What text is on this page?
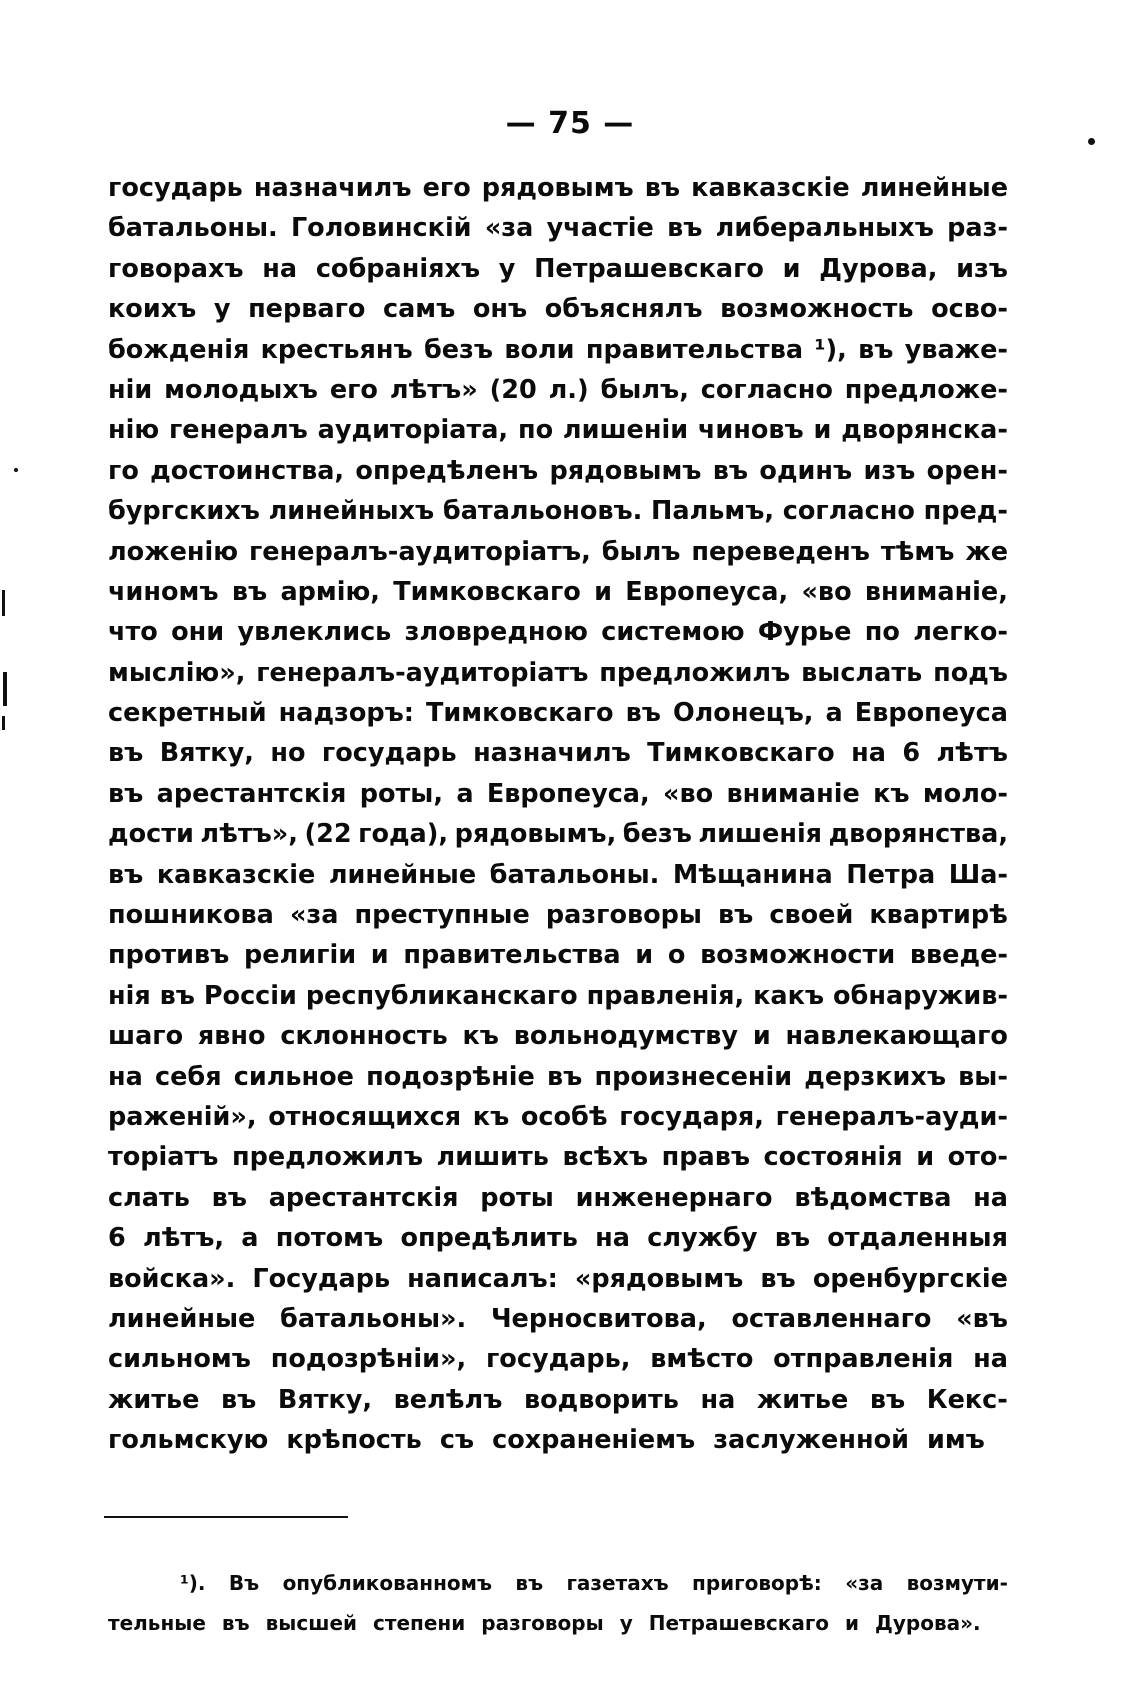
— 75 —
государь назначилъ его рядовымъ въ кавказскіе линейные
батальоны. Головинскій «за участіе въ либеральныхъ раз-
говорахъ на собраніяхъ у Петрашевскаго и Дурова, изъ
коихъ у перваго самъ онъ объяснялъ возможность осво-
божденія крестьянъ безъ воли правительства ¹), въ уваже-
ніи молодыхъ его лѣтъ» (20 л.) былъ, согласно предложе-
нію генералъ аудиторіата, по лишеніи чиновъ и дворянска-
го достоинства, опредѣленъ рядовымъ въ одинъ изъ орен-
бургскихъ линейныхъ батальоновъ. Пальмъ, согласно пред-
ложенію генералъ-аудиторіатъ, былъ переведенъ тѣмъ же
чиномъ въ армію, Тимковскаго и Европеуса, «во вниманіе,
что они увлеклись зловредною системою Фурье по легко-
мыслію», генералъ-аудиторіатъ предложилъ выслать подъ
секретный надзоръ: Тимковскаго въ Олонецъ, а Европеуса
въ Вятку, но государь назначилъ Тимковскаго на 6 лѣтъ
въ арестантскія роты, а Европеуса, «во вниманіе къ моло-
дости лѣтъ», (22 года), рядовымъ, безъ лишенія дворянства,
въ кавказскіе линейные батальоны. Мѣщанина Петра Ша-
пошникова «за преступные разговоры въ своей квартирѣ
противъ религіи и правительства и о возможности введе-
нія въ Россіи республиканскаго правленія, какъ обнаружив-
шаго явно склонность къ вольнодумству и навлекающаго
на себя сильное подозрѣніе въ произнесеніи дерзкихъ вы-
раженій», относящихся къ особѣ государя, генералъ-ауди-
торіатъ предложилъ лишить всѣхъ правъ состоянія и ото-
слать въ арестантскія роты инженернаго вѣдомства на
6 лѣтъ, а потомъ опредѣлить на службу въ отдаленныя
войска». Государь написалъ: «рядовымъ въ оренбургскіе
линейные батальоны». Черносвитова, оставленнаго «въ
сильномъ подозрѣніи», государь, вмѣсто отправленія на
житье въ Вятку, велѣлъ водворить на житье въ Кекс-
гольмскую крѣпость съ сохраненіемъ заслуженной имъ
¹). Въ опубликованномъ въ газетахъ приговорѣ: «за возмути-
тельные въ высшей степени разговоры у Петрашевскаго и Дурова».
